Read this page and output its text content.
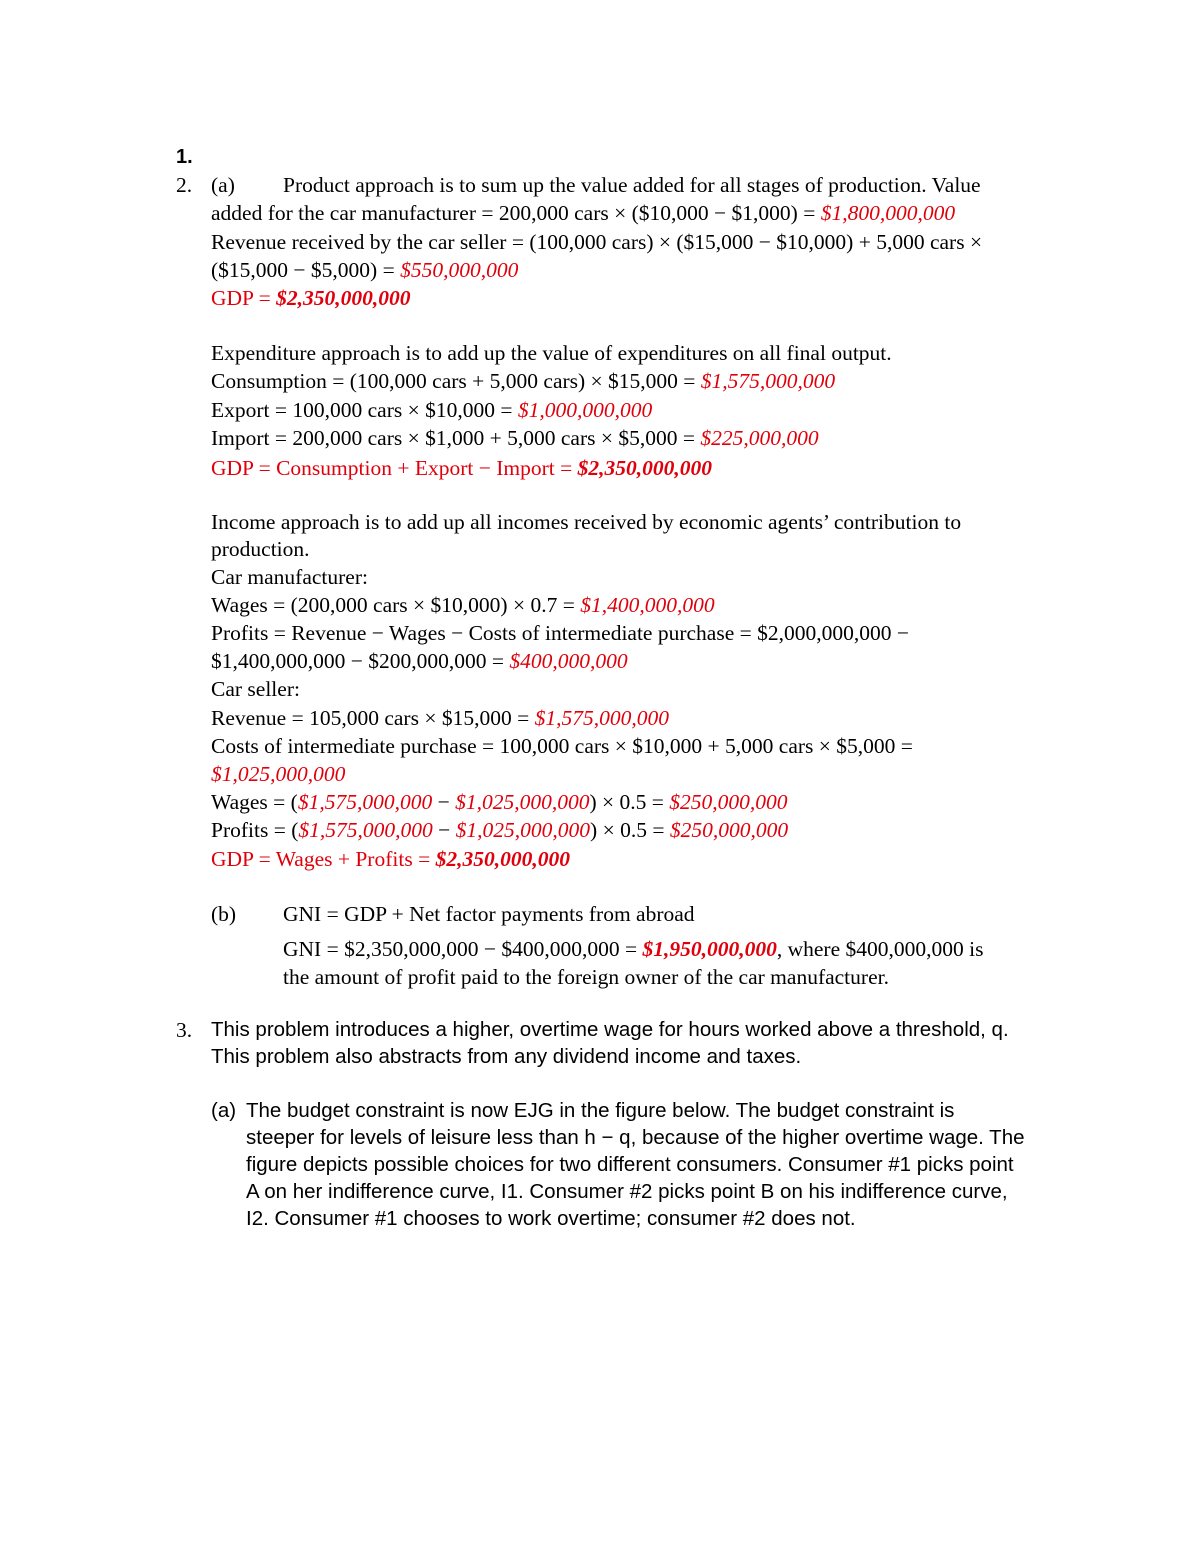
1.
2. (a) Product approach is to sum up the value added for all stages of production. Value
added for the car manufacturer = 200,000 cars × ($10,000 − $1,000) = $1,800,000,000
Revenue received by the car seller = (100,000 cars) × ($15,000 − $10,000) + 5,000 cars ×
($15,000 − $5,000) = $550,000,000
GDP = $2,350,000,000
Expenditure approach is to add up the value of expenditures on all final output.
Consumption = (100,000 cars + 5,000 cars) × $15,000 = $1,575,000,000
Export = 100,000 cars × $10,000 = $1,000,000,000
Import = 200,000 cars × $1,000 + 5,000 cars × $5,000 = $225,000,000
GDP = Consumption + Export − Import = $2,350,000,000
Income approach is to add up all incomes received by economic agents’ contribution to
production.
Car manufacturer:
Wages = (200,000 cars × $10,000) × 0.7 = $1,400,000,000
Profits = Revenue − Wages − Costs of intermediate purchase = $2,000,000,000 −
$1,400,000,000 − $200,000,000 = $400,000,000
Car seller:
Revenue = 105,000 cars × $15,000 = $1,575,000,000
Costs of intermediate purchase = 100,000 cars × $10,000 + 5,000 cars × $5,000 =
$1,025,000,000
Wages = ($1,575,000,000 − $1,025,000,000) × 0.5 = $250,000,000
Profits = ($1,575,000,000 − $1,025,000,000) × 0.5 = $250,000,000
GDP = Wages + Profits = $2,350,000,000
(b) GNI = GDP + Net factor payments from abroad
GNI = $2,350,000,000 − $400,000,000 = $1,950,000,000, where $400,000,000 is
the amount of profit paid to the foreign owner of the car manufacturer.
3. This problem introduces a higher, overtime wage for hours worked above a threshold, q.
This problem also abstracts from any dividend income and taxes.
(a) The budget constraint is now EJG in the figure below. The budget constraint is
steeper for levels of leisure less than h − q, because of the higher overtime wage. The
figure depicts possible choices for two different consumers. Consumer #1 picks point
A on her indifference curve, I1. Consumer #2 picks point B on his indifference curve,
I2. Consumer #1 chooses to work overtime; consumer #2 does not.
